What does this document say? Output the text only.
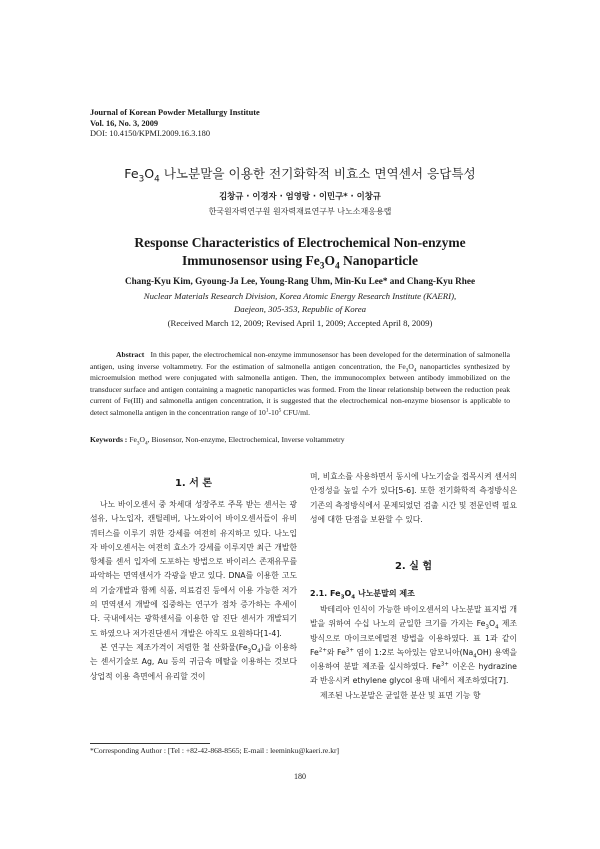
Journal of Korean Powder Metallurgy Institute
Vol. 16, No. 3, 2009
DOI: 10.4150/KPMI.2009.16.3.180
$Fe_3O_4$ 나노분말을 이용한 전기화학적 비효소 면역센서 응답특성
김창규 · 이경자 · 엄영랑 · 이민구* · 이창규
한국원자력연구원 원자력재료연구부 나노소재응용랩
Response Characteristics of Electrochemical Non-enzyme
Immunosensor using $Fe_3O_4$ Nanoparticle
Chang-Kyu Kim, Gyoung-Ja Lee, Young-Rang Uhm, Min-Ku Lee* and Chang-Kyu Rhee
Nuclear Materials Research Division, Korea Atomic Energy Research Institute (KAERI),
Daejeon, 305-353, Republic of Korea
(Received March 12, 2009; Revised April 1, 2009; Accepted April 8, 2009)
Abstract In this paper, the electrochemical non-enzyme immunosensor has been developed for the determination of salmonella antigen, using inverse voltammetry. For the estimation of salmonella antigen concentration, the $Fe_3O_4$ nanoparticles synthesized by microemulsion method were conjugated with salmonella antigen. Then, the immunocomplex between antibody immobilized on the transducer surface and antigen containing a magnetic nanoparticles was formed. From the linear relationship between the reduction peak current of Fe(III) and salmonella antigen concentration, it is suggested that the electrochemical non-enzyme biosensor is applicable to detect salmonella antigen in the concentration range of $10^1-10^5$ CFU/ml.
Keywords : $Fe_3O_4$, Biosensor, Non-enzyme, Electrochemical, Inverse voltammetry
1. 서 론

나노 바이오센서 중 차세대 성장주로 주목 받는 센서는 광섬유, 나노입자, 캔틸레버, 나노와이어 바이오센서들이 유비쿼터스를 이루기 위한 강세를 여전히 유지하고 있다. 나노입자 바이오센서는 여전히 효소가 강세를 이루지만 최근 개발한 항체를 센서 입자에 도포하는 방법으로 바이러스 존재유무를 파악하는 면역센서가 각광을 받고 있다. DNA를 이용한 고도의 기술개발과 함께 식품, 의료검진 등에서 이용 가능한 저가의 면역센서 개발에 집중하는 연구가 점차 증가하는 추세이다. 국내에서는 광학센서를 이용한 암 진단 센서가 개발되기도 하였으나 저가진단센서 개발은 아직도 요원하다[1-4].

본 연구는 제조가격이 저렴한 철 산화물$(Fe_3O_4)$을 이용하는 센서기술로 Ag, Au 등의 귀금속 메탈을 이용하는 것보다 상업적 이용 측면에서 유리할 것이

며, 비효소를 사용하면서 동시에 나노기술을 접목시켜 센서의 안정성을 높일 수가 있다[5-6]. 또한 전기화학적 측정방식은 기존의 측정방식에서 문제되었던 검출 시간 및 전문인력 필요성에 대한 단점을 보완할 수 있다.

2. 실 험
2.1. $Fe_3O_4$ 나노분말의 제조

박테리아 인식이 가능한 바이오센서의 나노분말 표지법 개발을 위하여 수십 나노의 균일한 크기를 가지는 $Fe_3O_4$ 제조 방식으로 마이크로에멀전 방법을 이용하였다. 표 1과 같이 $Fe^{2+}$와 $Fe^{3+}$ 염이 1:2로 녹아있는 암모니아$(Na_4OH)$ 용액을 이용하여 분말 제조를 실시하였다. $Fe^{3+}$ 이온은 hydrazine과 반응시켜 ethylene glycol 용매 내에서 제조하였다[7].

제조된 나노분말은 균일한 분산 및 표면 기능 향

*Corresponding Author : [Tel : +82-42-868-8565; E-mail : leeminku@kaeri.re.kr]
180
